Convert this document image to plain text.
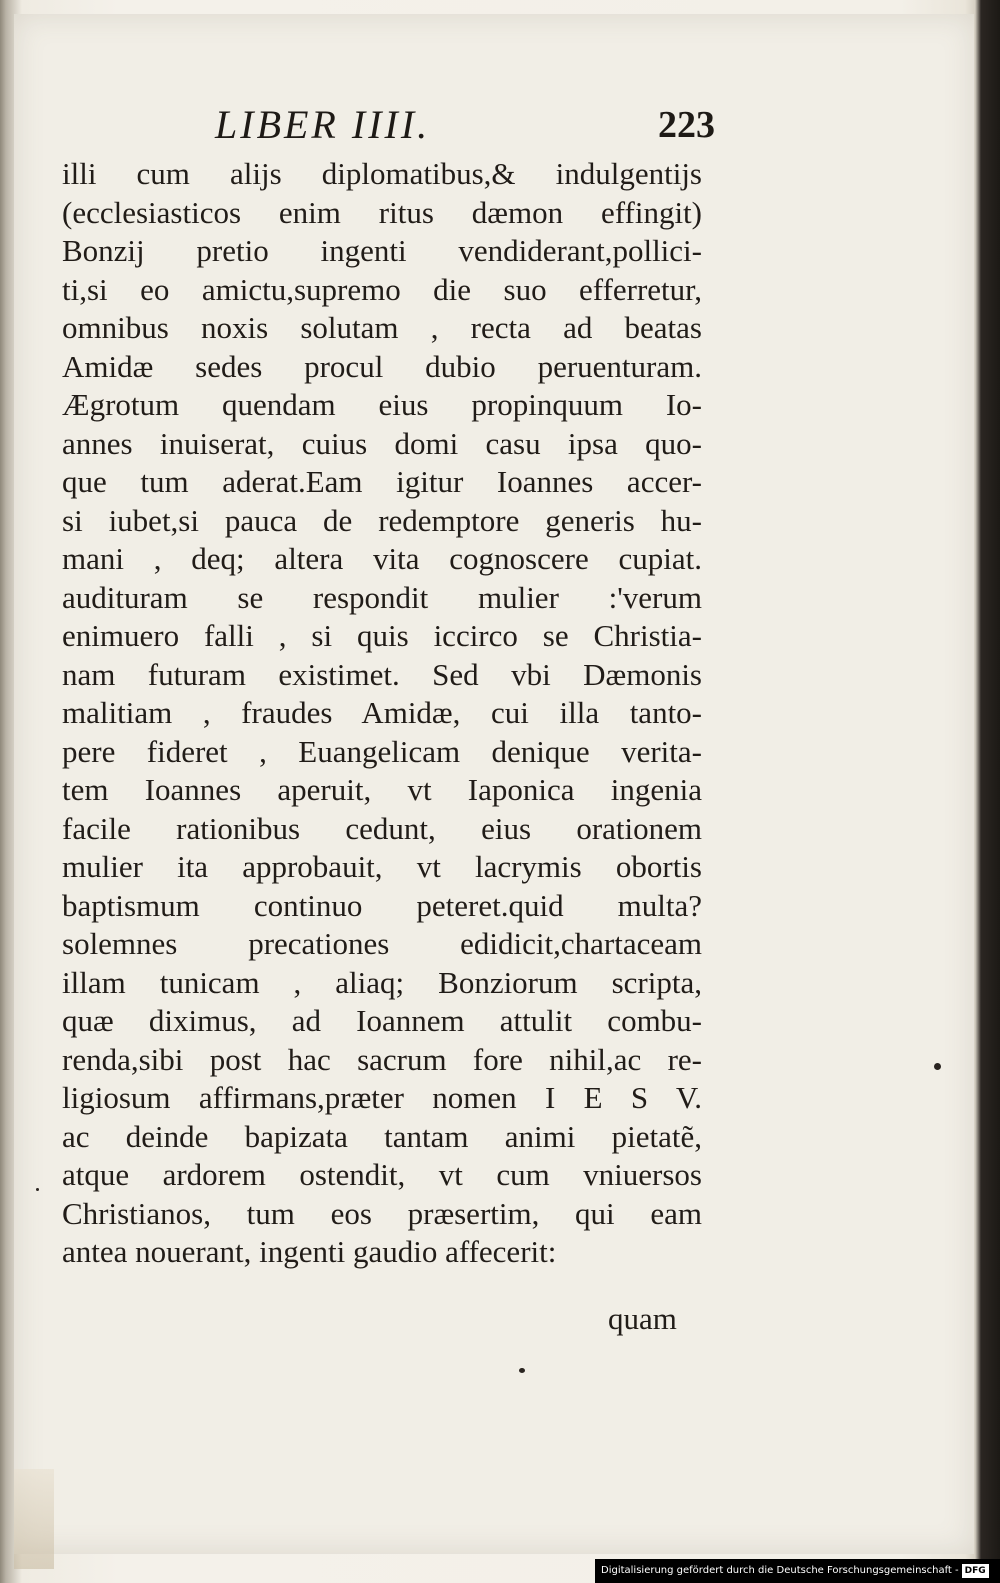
LIBER IIII.	223
illi cum alijs diplomatibus,& indulgentijs
(ecclesiasticos enim ritus dæmon effingit)
Bonzij pretio ingenti vendiderant,pollici-
ti,si eo amictu,supremo die suo efferretur,
omnibus noxis solutam , recta ad beatas
Amidæ sedes procul dubio peruenturam.
Ægrotum quendam eius propinquum Io-
annes inuiserat, cuius domi casu ipsa quo-
que tum aderat.Eam igitur Ioannes accer-
si iubet,si pauca de redemptore generis hu-
mani , deq; altera vita cognoscere cupiat.
audituram se respondit mulier :'verum
enimuero falli , si quis iccirco se Christia-
nam futuram existimet. Sed vbi Dæmonis
malitiam , fraudes Amidæ, cui illa tanto-
pere fideret , Euangelicam denique verita-
tem Ioannes aperuit, vt Iaponica ingenia
facile rationibus cedunt, eius orationem
mulier ita approbauit, vt lacrymis obortis
baptismum continuo peteret.quid multa?
solemnes precationes edidicit,chartaceam
illam tunicam , aliaq; Bonziorum scripta,
quæ diximus, ad Ioannem attulit combu-
renda,sibi post hac sacrum fore nihil,ac re-
ligiosum affirmans,præter nomen I E S V.
ac deinde bapizata tantam animi pietatẽ,
atque ardorem ostendit, vt cum vniuersos
Christianos, tum eos præsertim, qui eam
antea nouerant, ingenti gaudio affecerit:
quam
Digitalisierung gefördert durch die Deutsche Forschungsgemeinschaft - DFG
